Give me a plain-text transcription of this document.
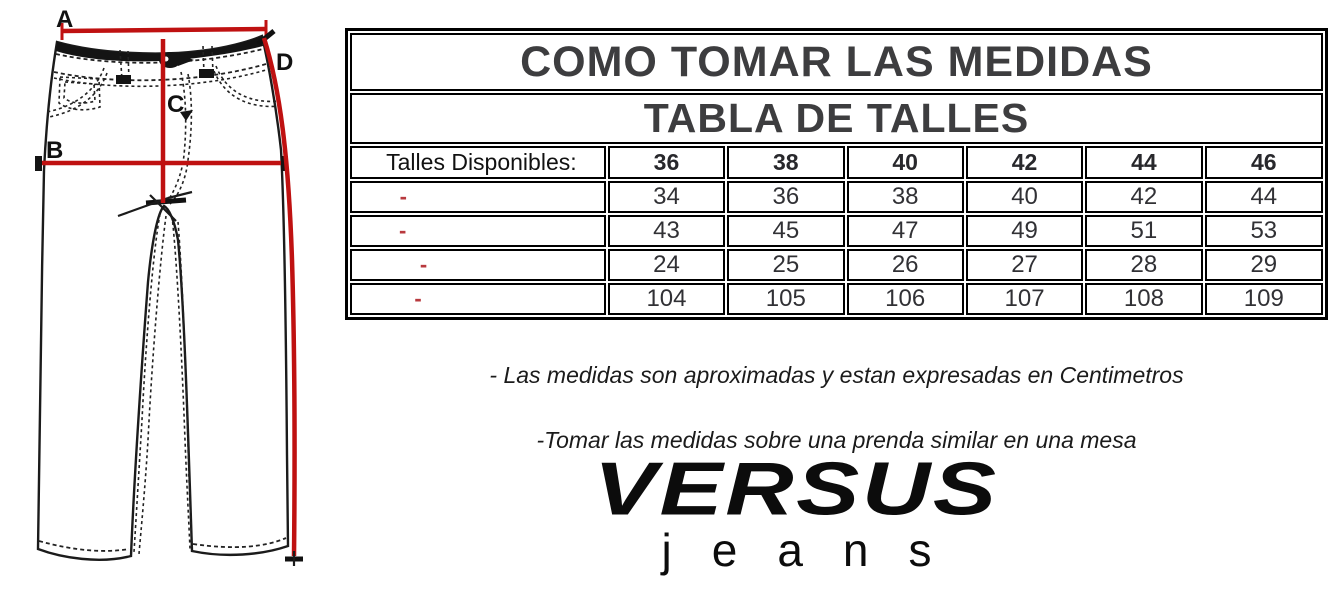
A
B
C
D	COMO TOMAR LAS MEDIDAS						
TABLA DE TALLES						
Talles Disponibles:	36	38	40	42	44	46
A- Ancho de cintura	34	36	38	40	42	44
B- Ancho de cadera	43	45	47	49	51	53
C- Largo de tiro	24	25	26	27	28	29
D- Largo de total	104	105	106	107	108	109
- Las medidas son aproximadas y estan expresadas en Centimetros
-Tomar las medidas sobre una prenda similar en una mesa
VERSUS
jeans
